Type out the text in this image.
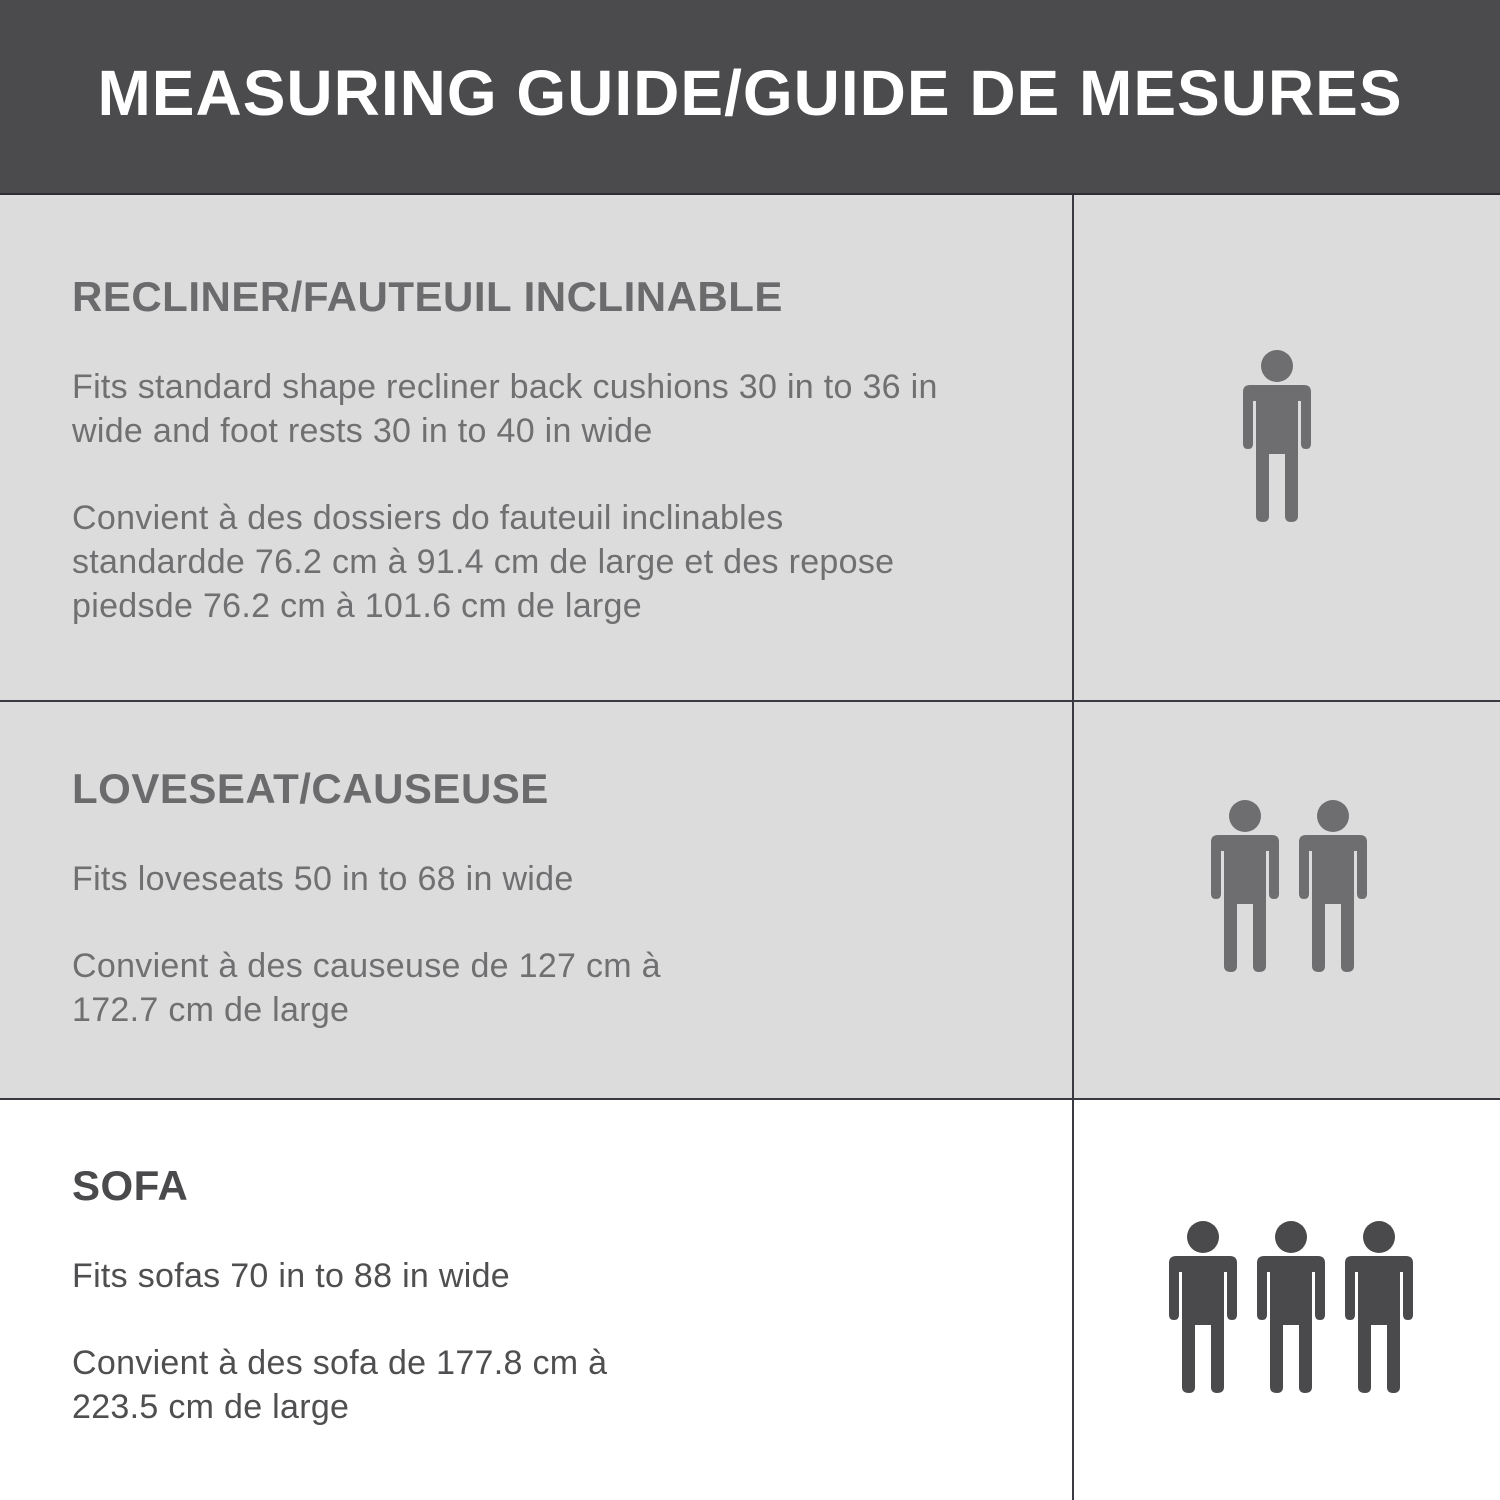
MEASURING GUIDE/GUIDE DE MESURES
RECLINER/FAUTEUIL INCLINABLE

Fits standard shape recliner back cushions 30 in to 36 in wide and foot rests 30 in to 40 in wide

Convient à des dossiers do fauteuil inclinables standardde 76.2 cm à 91.4 cm de large et des repose piedsde 76.2 cm à 101.6 cm de large

LOVESEAT/CAUSEUSE

Fits loveseats 50 in to 68 in wide

Convient à des causeuse de 127 cm à 172.7 cm de large

SOFA

Fits sofas 70 in to 88 in wide

Convient à des sofa de 177.8 cm à 223.5 cm de large
